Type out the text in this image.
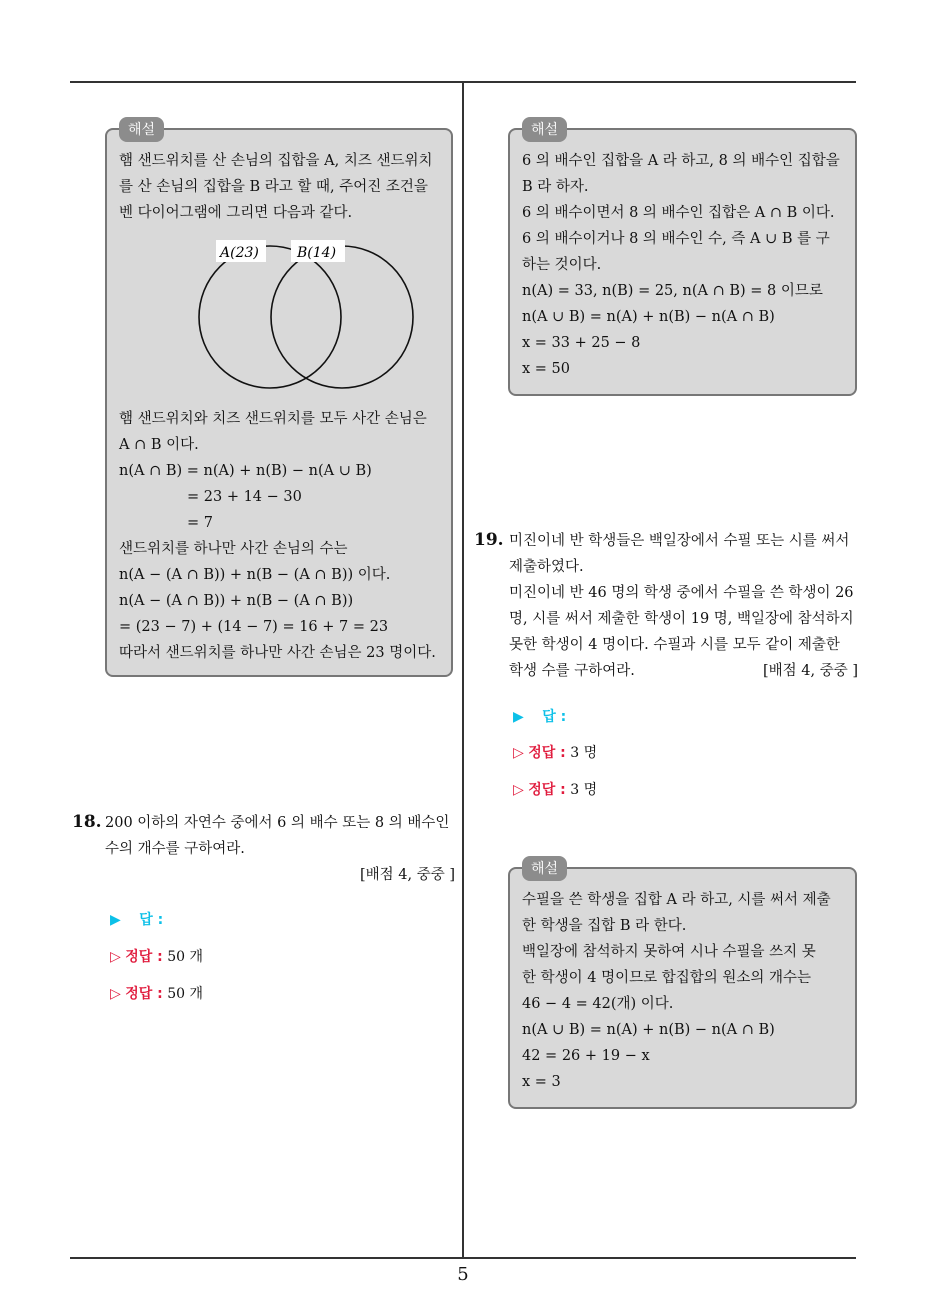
해설
햄 샌드위치를 산 손님의 집합을 A, 치즈 샌드위치
를 산 손님의 집합을 B 라고 할 때, 주어진 조건을
벤 다이어그램에 그리면 다음과 같다.
A(23)	B(14)
햄 샌드위치와 치즈 샌드위치를 모두 사간 손님은
A ∩ B 이다.
n(A ∩ B) = n(A) + n(B) − n(A ∪ B)
= 23 + 14 − 30
= 7
샌드위치를 하나만 사간 손님의 수는
n(A − (A ∩ B)) + n(B − (A ∩ B)) 이다.
n(A − (A ∩ B)) + n(B − (A ∩ B))
= (23 − 7) + (14 − 7) = 16 + 7 = 23
따라서 샌드위치를 하나만 사간 손님은 23 명이다.
18. 200 이하의 자연수 중에서 6 의 배수 또는 8 의 배수인
수의 개수를 구하여라.
[배점 4, 중중 ]
▶ 답 :
▷ 정답 : 50 개
▷ 정답 : 50 개
해설
6 의 배수인 집합을 A 라 하고, 8 의 배수인 집합을
B 라 하자.
6 의 배수이면서 8 의 배수인 집합은 A ∩ B 이다.
6 의 배수이거나 8 의 배수인 수, 즉 A ∪ B 를 구
하는 것이다.
n(A) = 33, n(B) = 25, n(A ∩ B) = 8 이므로
n(A ∪ B) = n(A) + n(B) − n(A ∩ B)
x = 33 + 25 − 8
x = 50
19. 미진이네 반 학생들은 백일장에서 수필 또는 시를 써서
제출하였다.
미진이네 반 46 명의 학생 중에서 수필을 쓴 학생이 26
명, 시를 써서 제출한 학생이 19 명, 백일장에 참석하지
못한 학생이 4 명이다. 수필과 시를 모두 같이 제출한
학생 수를 구하여라.	[배점 4, 중중 ]
▶ 답 :
▷ 정답 : 3 명
▷ 정답 : 3 명
해설
수필을 쓴 학생을 집합 A 라 하고, 시를 써서 제출
한 학생을 집합 B 라 한다.
백일장에 참석하지 못하여 시나 수필을 쓰지 못
한 학생이 4 명이므로 합집합의 원소의 개수는
46 − 4 = 42(개) 이다.
n(A ∪ B) = n(A) + n(B) − n(A ∩ B)
42 = 26 + 19 − x
x = 3
5
